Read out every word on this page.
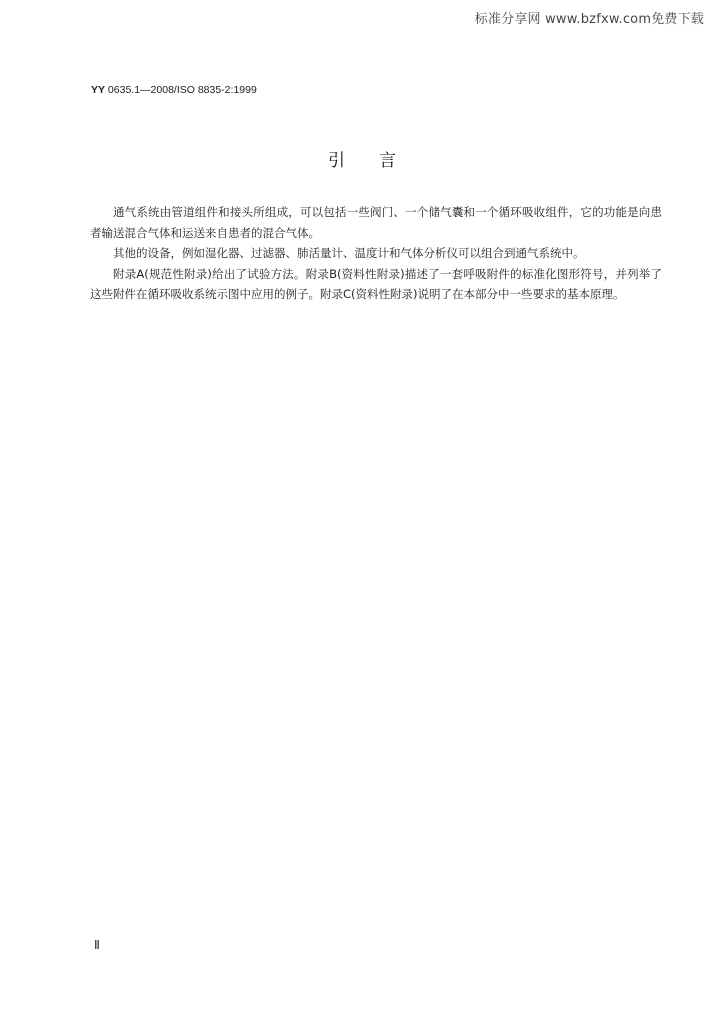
标准分享网 www.bzfxw.com免费下载
YY 0635.1—2008/ISO 8835-2:1999
引言

通气系统由管道组件和接头所组成，可以包括一些阀门、一个储气囊和一个循环吸收组件，它的功能是向患者输送混合气体和运送来自患者的混合气体。

其他的设备，例如湿化器、过滤器、肺活量计、温度计和气体分析仪可以组合到通气系统中。

附录A(规范性附录)给出了试验方法。附录B(资料性附录)描述了一套呼吸附件的标准化图形符号，并列举了这些附件在循环吸收系统示图中应用的例子。附录C(资料性附录)说明了在本部分中一些要求的基本原理。

Ⅱ
